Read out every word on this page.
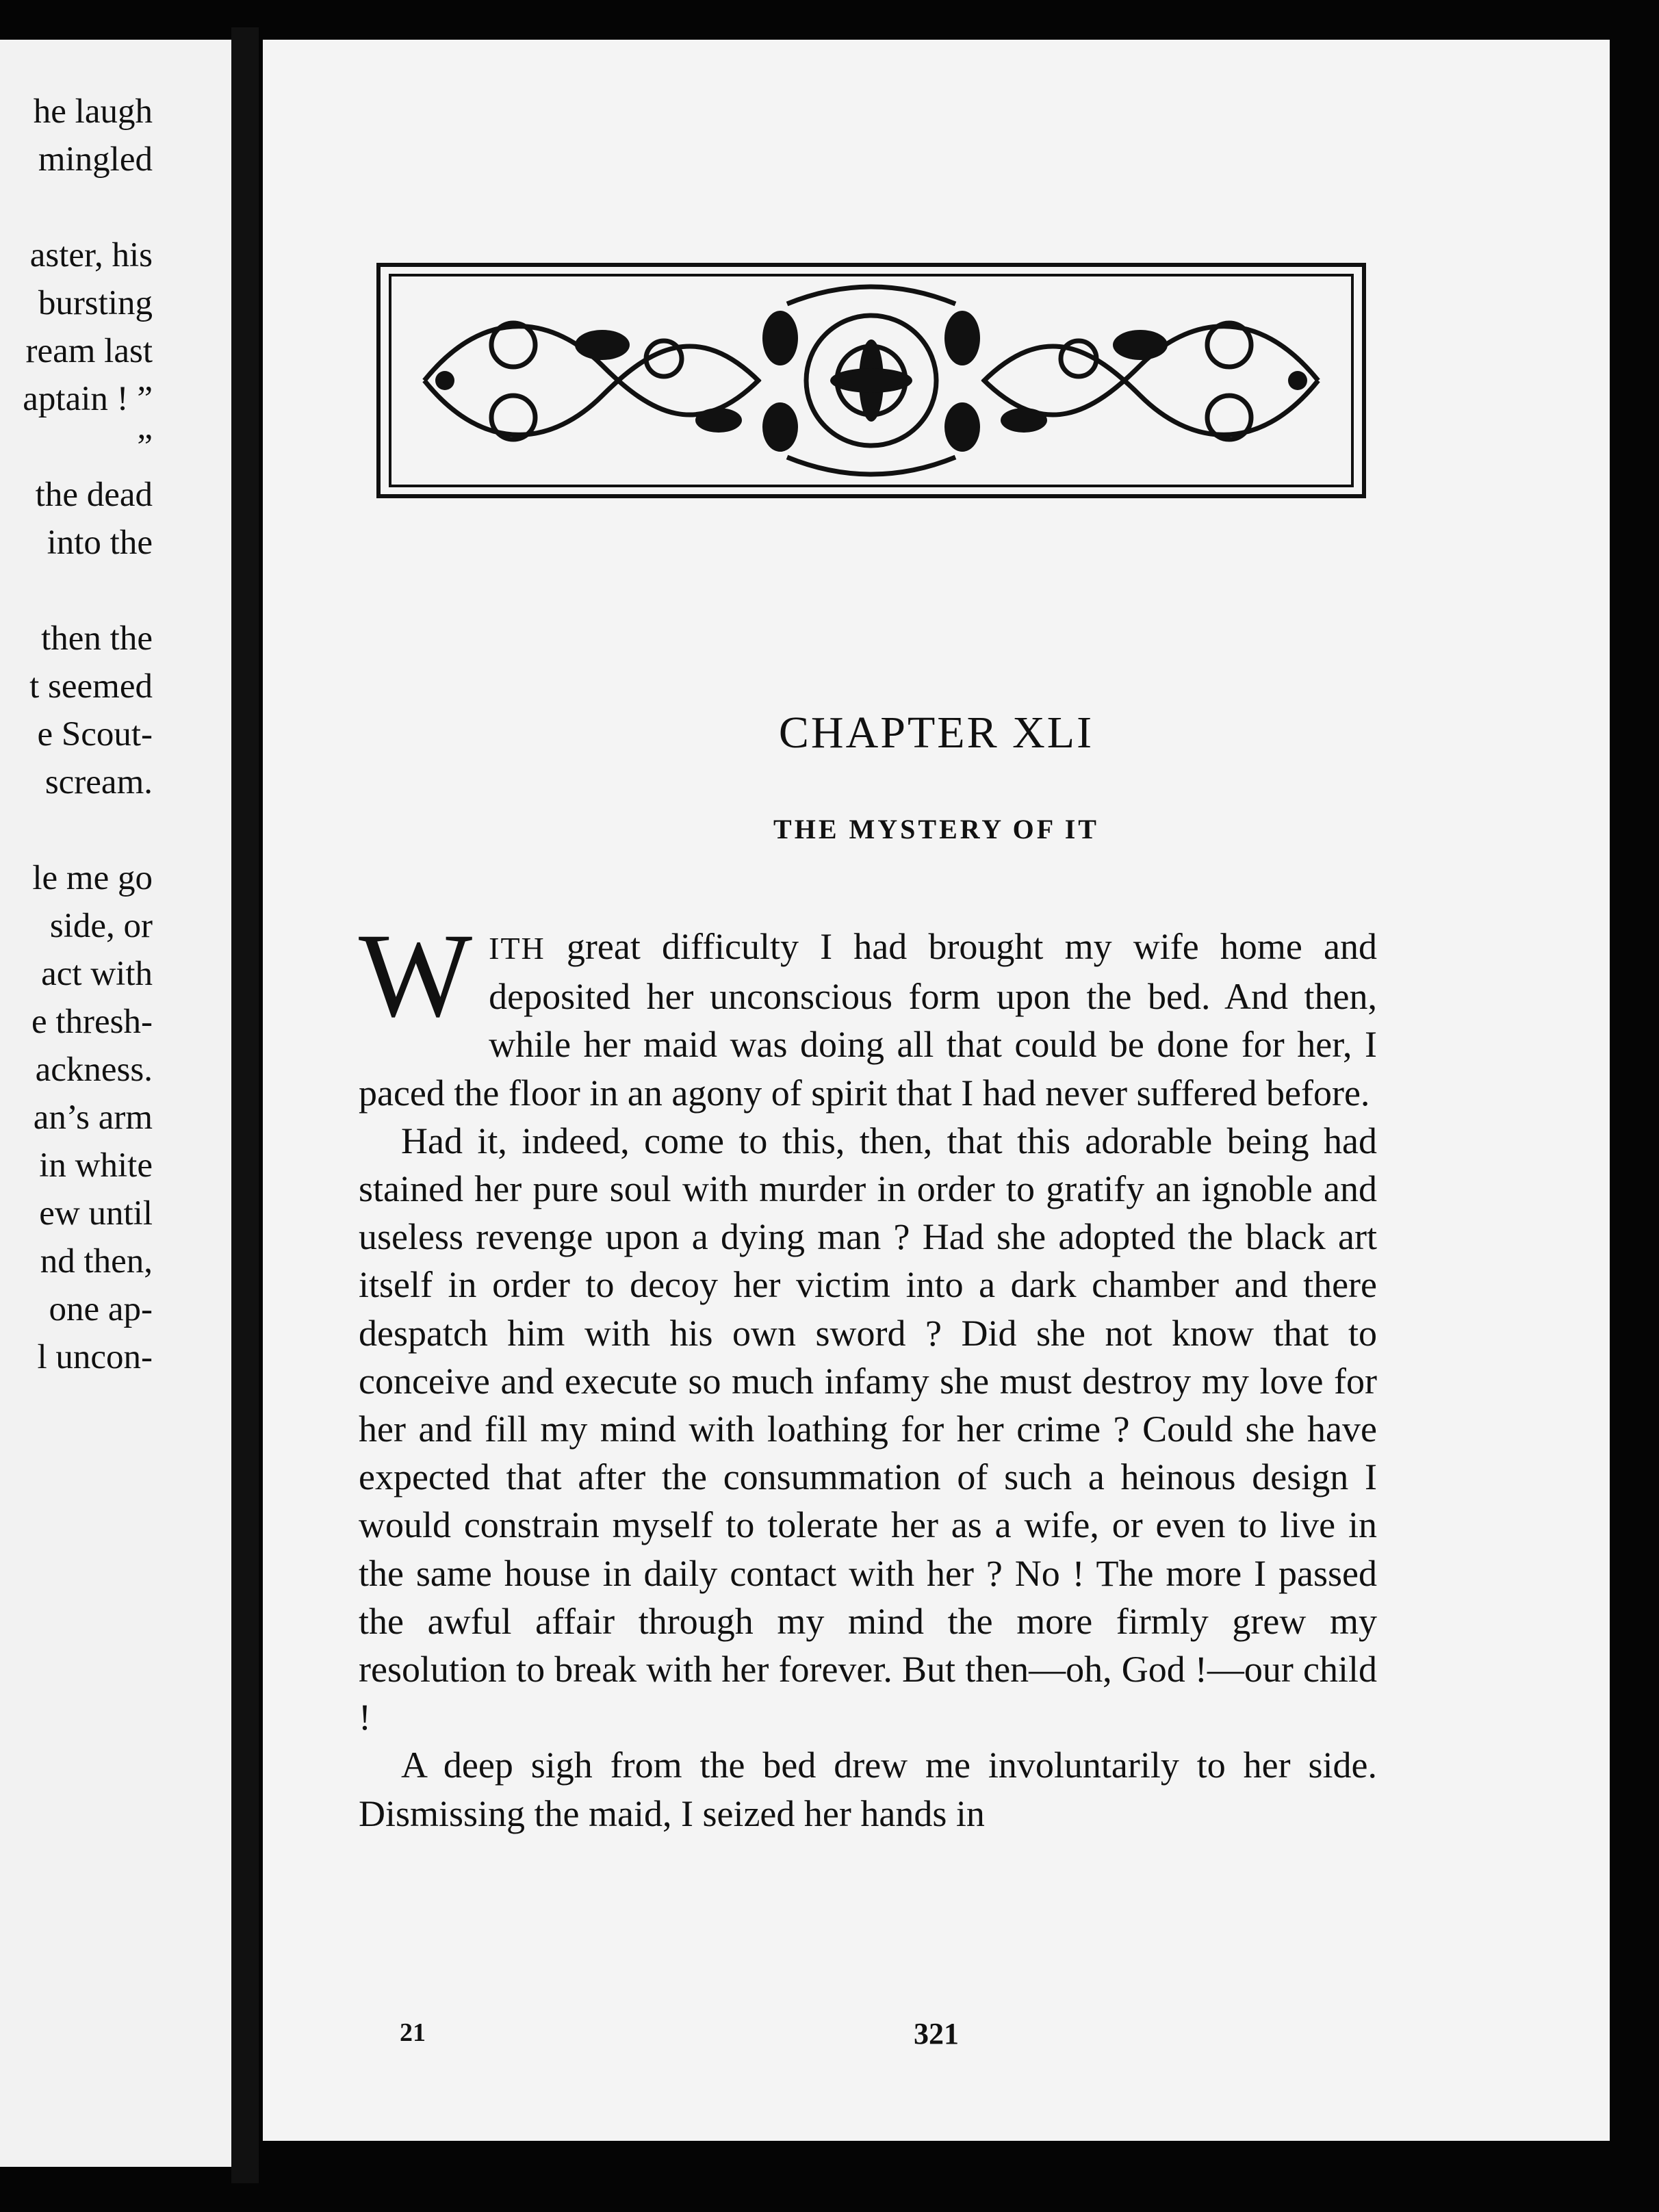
he laugh
mingled
aster, his
bursting
ream last
aptain ! ”
”
the dead
into the
then the
t seemed
e Scout-
scream.
le me go
side, or
act with
e thresh-
ackness.
an’s arm
in white
ew until
nd then,
one ap-
l uncon-
CHAPTER XLI
THE MYSTERY OF IT

WITH great difficulty I had brought my wife home and deposited her unconscious form upon the bed. And then, while her maid was doing all that could be done for her, I paced the floor in an agony of spirit that I had never suffered before.

Had it, indeed, come to this, then, that this adorable being had stained her pure soul with murder in order to gratify an ignoble and useless revenge upon a dying man ? Had she adopted the black art itself in order to decoy her victim into a dark chamber and there despatch him with his own sword ? Did she not know that to conceive and execute so much infamy she must destroy my love for her and fill my mind with loathing for her crime ? Could she have expected that after the consummation of such a heinous design I would constrain myself to tolerate her as a wife, or even to live in the same house in daily contact with her ? No ! The more I passed the awful affair through my mind the more firmly grew my resolution to break with her forever. But then—oh, God !—our child !

A deep sigh from the bed drew me involuntarily to her side. Dismissing the maid, I seized her hands in

21	321
